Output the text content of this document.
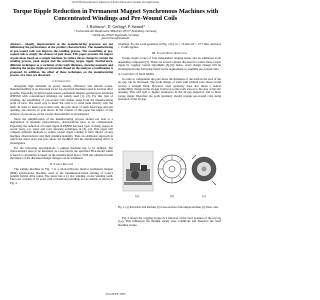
2014 Fifth International Conference on Power Electronics Systems and Applications
Torque Ripple Reduction in Permanent Magnet Synchronous Machines with Concentrated Windings and Pre-Wound Coils
J. Richnow¹, D. Gerling¹, P. Stenzel²
¹ Universität der Bundeswehr München, 85577 Neubiberg, Germany
² AUDI AG, 85045 Ingolstadt, Germany
jan.richnow@unibw.de

Abstract— Ideally, improvements of the manufacturing processes are not influencing the performance of the product characteristics. The manufacturing of pre-wound coils can improve the winding process. The assembling of pre-wound coils is simply the absence of pole shoes. This paper presents the impact of pole shoes based on a sample machine. To reduce the no change in current the winding process, peak torque and the occurring torque ripple. Furthermore, different techniques to a variation of the teeth thickness, skewing magnetic and reducing the torque ripple are presented. Based on the analyses a combination is proposed. In addition, the effect of these techniques on the manufacturing process of a rotor are discussed.

I. Introduction

Alongside high demands on power density, efficiency and smooth torque, manufacturability is an important factor for electrical machines used in traction drive systems. Especially in hybrid applications, permanent magnet synchronous machines (PMSM) with concentrated windings are widely used [1], [2]. For this type of winding, the assembling of pre-wound coils makes sense from the manufacturing point of view. The usual way to insert the coils is to wind them directly onto the teeth. In order to insert pre-wound coils, the pole shoes of teeth need large and slot opening, also known as pole shoes. In the context of this paper the impact of the absence of pole shoes on the torque characteristics is investigated.

Since the simplification of the manufacturing process should not lead to a degradation of machine characteristics, deteriorations have to be compensated. Especially the reduction of torque ripple in PMSM has been topic of many papers in recent years, e.g. stator and rotor skewing techniques in [3], [4]. This paper will compare different methods to reduce torque ripple relating to their impact on key machine characteristics and their manufacturability. Thus an additional approach in which the stator slots and pole shoes are modified and the manufacturing effort is investigated.

For the following investigations a sample machine has to be defined. The characteristics have to be measured on a test bench, the specified FEA-model which is used for calculation is based on the manufactured motor. With the validated model the impact of the discussed design changes can be examined.

II. Sample Machine

The sample machine in Fig. 1 is a 24-slot/20-pole interior permanent magnet (IPM) synchronous machine, used as the transmission-based starting of today's parallel hybrid drive trains. The stator has a 12 slot winding on the winding teeth. The rotor consists of 10 poles with concentrated windings for its sample as shown in Fig. 2.

windings. For the tooth geometry in Fig. 2 (b), bt = 13 mm, hT = 27.7 mm, and bsoa = 15 mm applies.

III. Torque Ripple Reduction

Torque ripple occurs of four independent ranging issues and an additional tooth depending component [5]. These are several options discussed to reduce these torque ripple by cogging control algorithms [5]-[9]; hence, every design change will be investigated in the following based on the requirement to assemble pre-wound coils.

A. Concentric of Tooth Widths

In order to compensate the pole shoes the thickness of the teeth in the area of the air gap can be increased. The tooth design of teeth with without pole shoes would receive a straight flank. However, such geometry does also mean a radical permeability change in the air-gap from iron to the tooth area as to the area of the slot opening. This will lead to higher harmonics in the air-gap induction and to more torque ripple. Therefore the tooth geometry should contain pre-wound coils along alteration of the air gap.

(a)	(b)	(c)
Fig. 1. (a) Test bench with machine, (b) Cross-section of the sample machine, (c) Stator coils.

Fig. 3 shows the cogging torque as a function of the rotor position of the test rig (a,c). This influences the thermal steady state conditions and therefore the rated machine torque.

2014 IEEE 2083
